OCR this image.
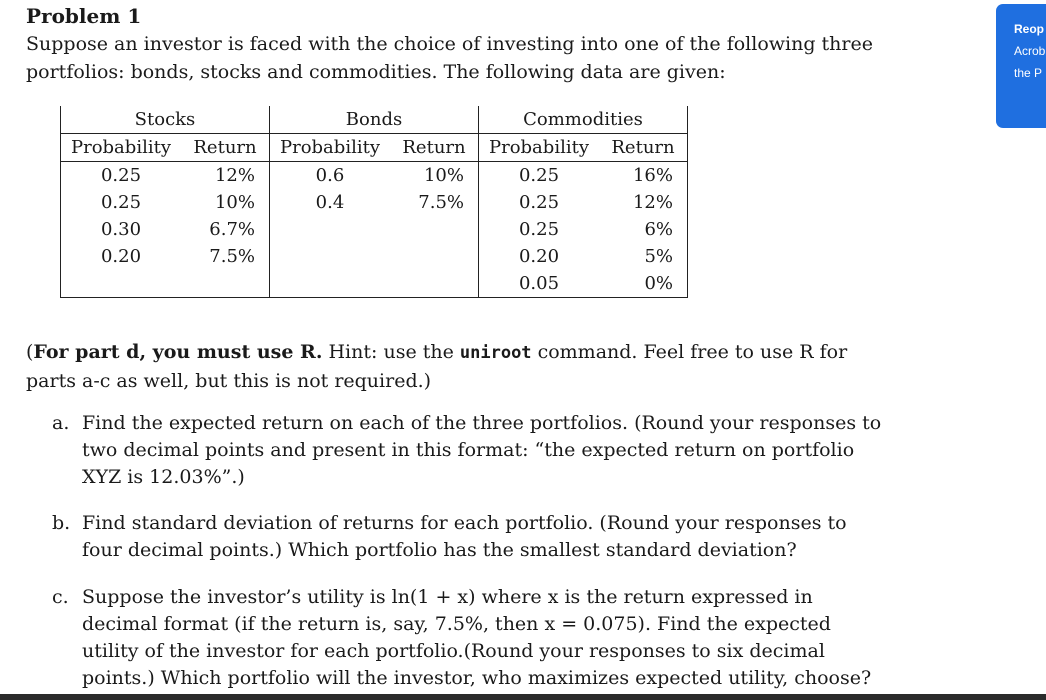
Problem 1
Suppose an investor is faced with the choice of investing into one of the following three portfolios: bonds, stocks and commodities. The following data are given:
Stocks		Bonds		Commodities	
Probability	Return	Probability	Return	Probability	Return
0.25	12%	0.6	10%	0.25	16%
0.25	10%	0.4	7.5%	0.25	12%
0.30	6.7%			0.25	6%
0.20	7.5%			0.20	5%
				0.05	0%
(For part d, you must use R. Hint: use the uniroot command. Feel free to use R for parts a-c as well, but this is not required.)
a. Find the expected return on each of the three portfolios. (Round your responses to two decimal points and present in this format: “the expected return on portfolio XYZ is 12.03%”.)
b. Find standard deviation of returns for each portfolio. (Round your responses to four decimal points.) Which portfolio has the smallest standard deviation?
c. Suppose the investor’s utility is ln(1 + x) where x is the return expressed in decimal format (if the return is, say, 7.5%, then x = 0.075). Find the expected utility of the investor for each portfolio.(Round your responses to six decimal points.) Which portfolio will the investor, who maximizes expected utility, choose?
Reop
Acrob
the P
